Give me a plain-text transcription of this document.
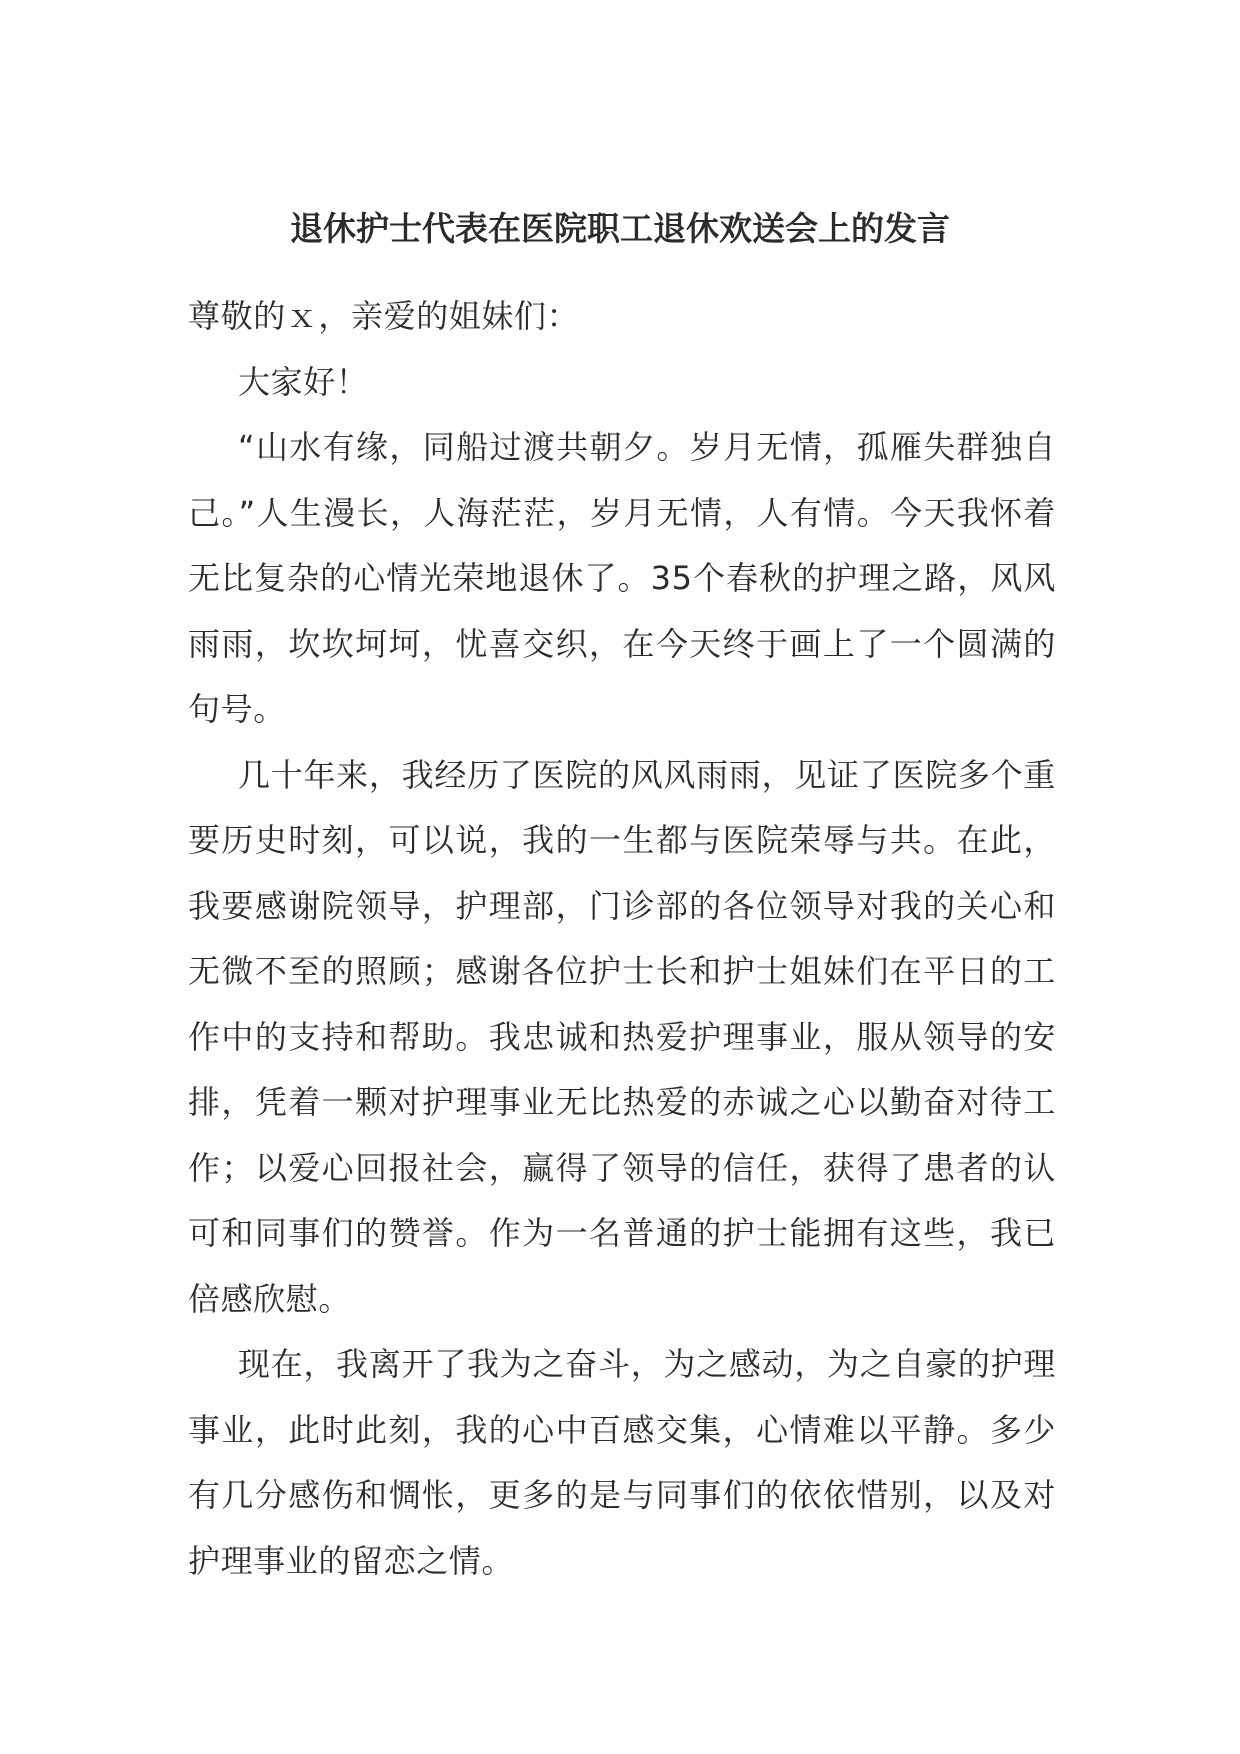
退休护士代表在医院职工退休欢送会上的发言

尊敬的ｘ，亲爱的姐妹们：

大家好！

“山水有缘，同船过渡共朝夕。岁月无情，孤雁失群独自己。”人生漫长，人海茫茫，岁月无情，人有情。今天我怀着无比复杂的心情光荣地退休了。35个春秋的护理之路，风风雨雨，坎坎坷坷，忧喜交织，在今天终于画上了一个圆满的句号。

几十年来，我经历了医院的风风雨雨，见证了医院多个重要历史时刻，可以说，我的一生都与医院荣辱与共。在此，我要感谢院领导，护理部，门诊部的各位领导对我的关心和无微不至的照顾；感谢各位护士长和护士姐妹们在平日的工作中的支持和帮助。我忠诚和热爱护理事业，服从领导的安排，凭着一颗对护理事业无比热爱的赤诚之心以勤奋对待工作；以爱心回报社会，赢得了领导的信任，获得了患者的认可和同事们的赞誉。作为一名普通的护士能拥有这些，我已倍感欣慰。

现在，我离开了我为之奋斗，为之感动，为之自豪的护理事业，此时此刻，我的心中百感交集，心情难以平静。多少有几分感伤和惆怅，更多的是与同事们的依依惜别，以及对护理事业的留恋之情。
